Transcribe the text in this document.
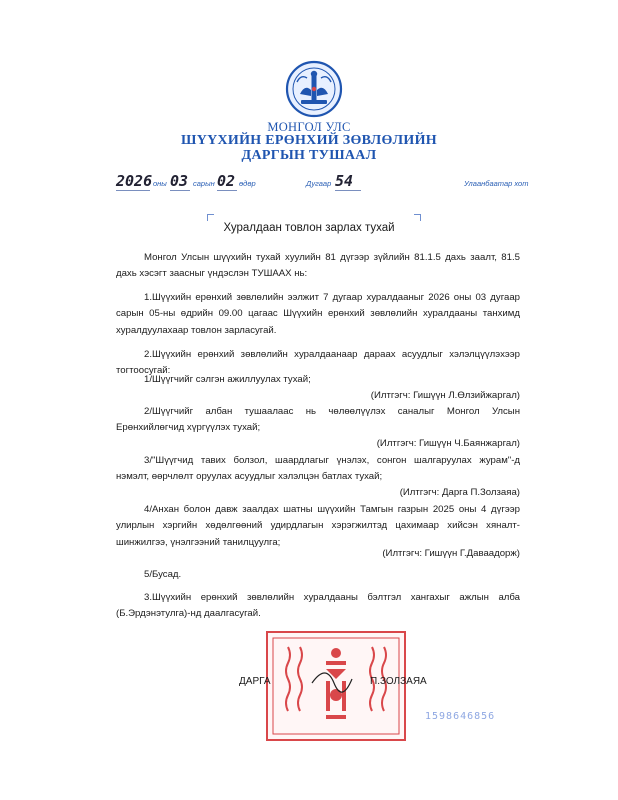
МОНГОЛ УЛС
ШҮҮХИЙН ЕРӨНХИЙ ЗӨВЛӨЛИЙН
ДАРГЫН ТУШААЛ
2026 оны 03 сарын 02 өдөр	Дугаар 54	Улаанбаатар хот
Хуралдаан товлон зарлах тухай
Монгол Улсын шүүхийн тухай хуулийн 81 дүгээр зүйлийн 81.1.5 дахь заалт, 81.5 дахь хэсэгт заасныг үндэслэн ТУШААХ нь:
1.Шүүхийн ерөнхий зөвлөлийн ээлжит 7 дугаар хуралдааныг 2026 оны 03 дугаар сарын 05-ны өдрийн 09.00 цагаас Шүүхийн ерөнхий зөвлөлийн хуралдааны танхимд хуралдуулахаар товлон зарласугай.
2.Шүүхийн ерөнхий зөвлөлийн хуралдаанаар дараах асуудлыг хэлэлцүүлэхээр тогтоосугай:
1/Шүүгчийг сэлгэн ажиллуулах тухай;
(Илтгэгч: Гишүүн Л.Өлзийжаргал)
2/Шүүгчийг албан тушаалаас нь чөлөөлүүлэх саналыг Монгол Улсын Ерөнхийлөгчид хүргүүлэх тухай;
(Илтгэгч: Гишүүн Ч.Баянжаргал)
3/"Шүүгчид тавих болзол, шаардлагыг үнэлэх, сонгон шалгаруулах журам"-д нэмэлт, өөрчлөлт оруулах асуудлыг хэлэлцэн батлах тухай;
(Илтгэгч: Дарга П.Золзаяа)
4/Анхан болон давж заалдах шатны шүүхийн Тамгын газрын 2025 оны 4 дүгээр улирлын хэргийн хөдөлгөөний удирдлагын хэрэгжилтэд цахимаар хийсэн хяналт- шинжилгээ, үнэлгээний танилцуулга;
(Илтгэгч: Гишүүн Г.Даваадорж)
5/Бусад.
3.Шүүхийн ерөнхий зөвлөлийн хуралдааны бэлтгэл хангахыг ажлын алба (Б.Эрдэнэтулга)-нд даалгасугай.
ДАРГА	П.ЗОЛЗАЯА
1598646856
